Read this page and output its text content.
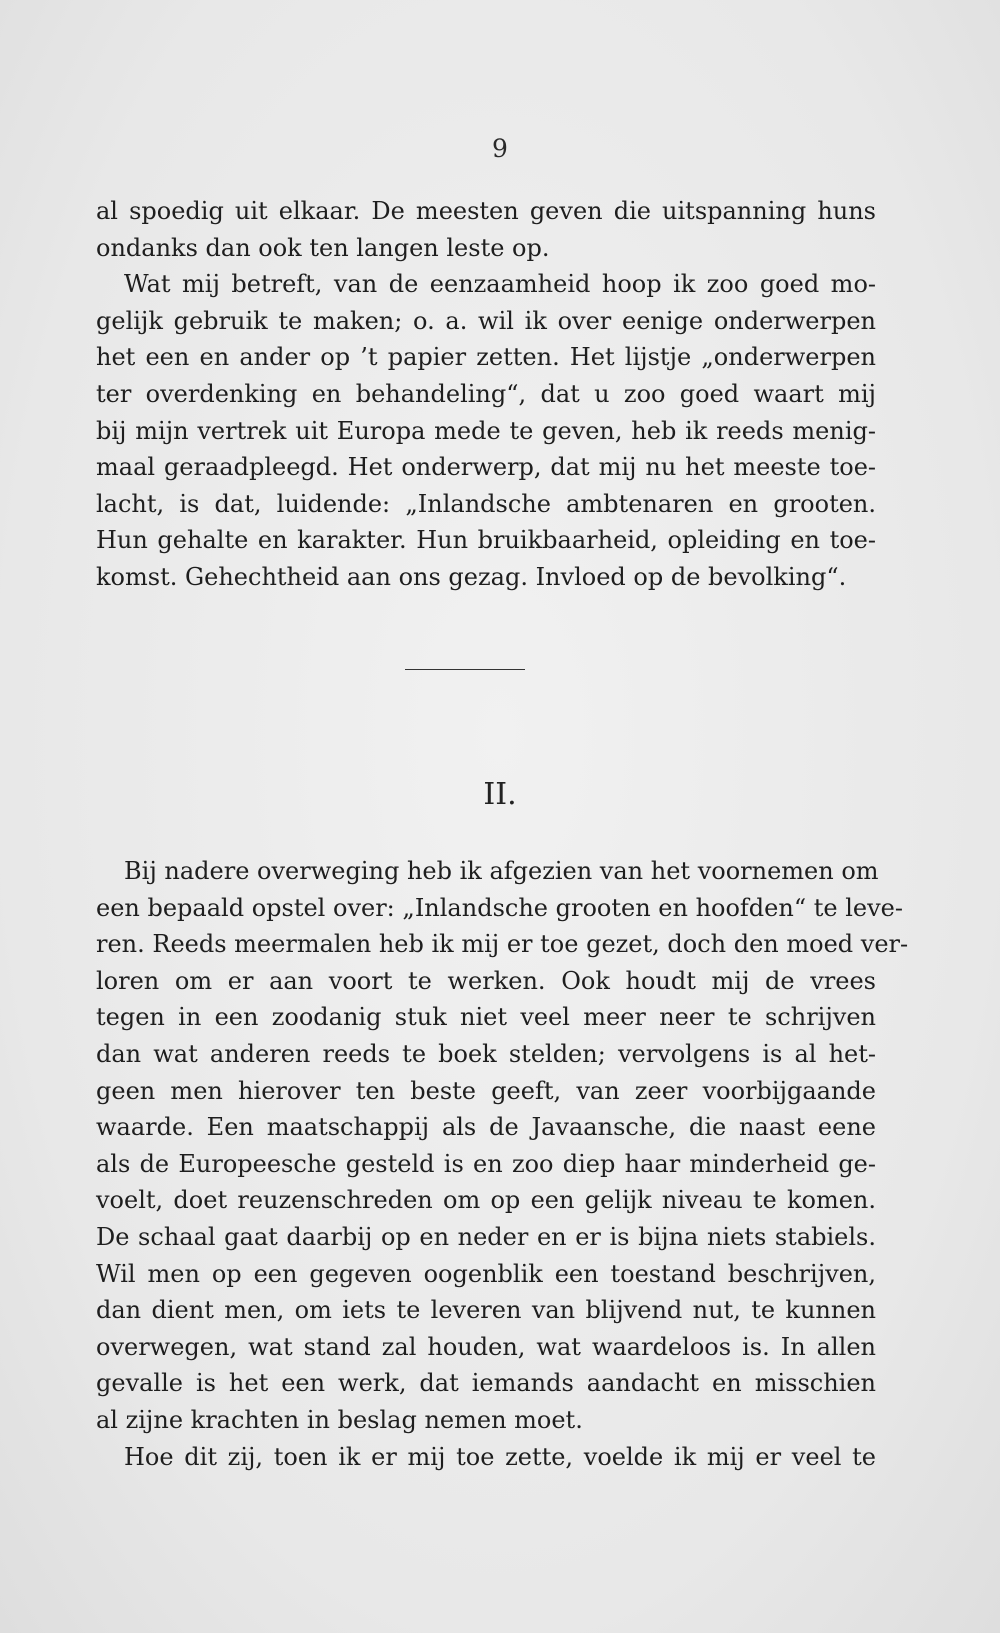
9
al spoedig uit elkaar. De meesten geven die uitspanning huns
ondanks dan ook ten langen leste op.
Wat mij betreft, van de eenzaamheid hoop ik zoo goed mo-
gelijk gebruik te maken; o. a. wil ik over eenige onderwerpen
het een en ander op ’t papier zetten. Het lijstje „onderwerpen
ter overdenking en behandeling“, dat u zoo goed waart mij
bij mijn vertrek uit Europa mede te geven, heb ik reeds menig-
maal geraadpleegd. Het onderwerp, dat mij nu het meeste toe-
lacht, is dat, luidende: „Inlandsche ambtenaren en grooten.
Hun gehalte en karakter. Hun bruikbaarheid, opleiding en toe-
komst. Gehechtheid aan ons gezag. Invloed op de bevolking“.
II.
Bij nadere overweging heb ik afgezien van het voornemen om
een bepaald opstel over: „Inlandsche grooten en hoofden“ te leve-
ren. Reeds meermalen heb ik mij er toe gezet, doch den moed ver-
loren om er aan voort te werken. Ook houdt mij de vrees
tegen in een zoodanig stuk niet veel meer neer te schrijven
dan wat anderen reeds te boek stelden; vervolgens is al het-
geen men hierover ten beste geeft, van zeer voorbijgaande
waarde. Een maatschappij als de Javaansche, die naast eene
als de Europeesche gesteld is en zoo diep haar minderheid ge-
voelt, doet reuzenschreden om op een gelijk niveau te komen.
De schaal gaat daarbij op en neder en er is bijna niets stabiels.
Wil men op een gegeven oogenblik een toestand beschrijven,
dan dient men, om iets te leveren van blijvend nut, te kunnen
overwegen, wat stand zal houden, wat waardeloos is. In allen
gevalle is het een werk, dat iemands aandacht en misschien
al zijne krachten in beslag nemen moet.
Hoe dit zij, toen ik er mij toe zette, voelde ik mij er veel te
